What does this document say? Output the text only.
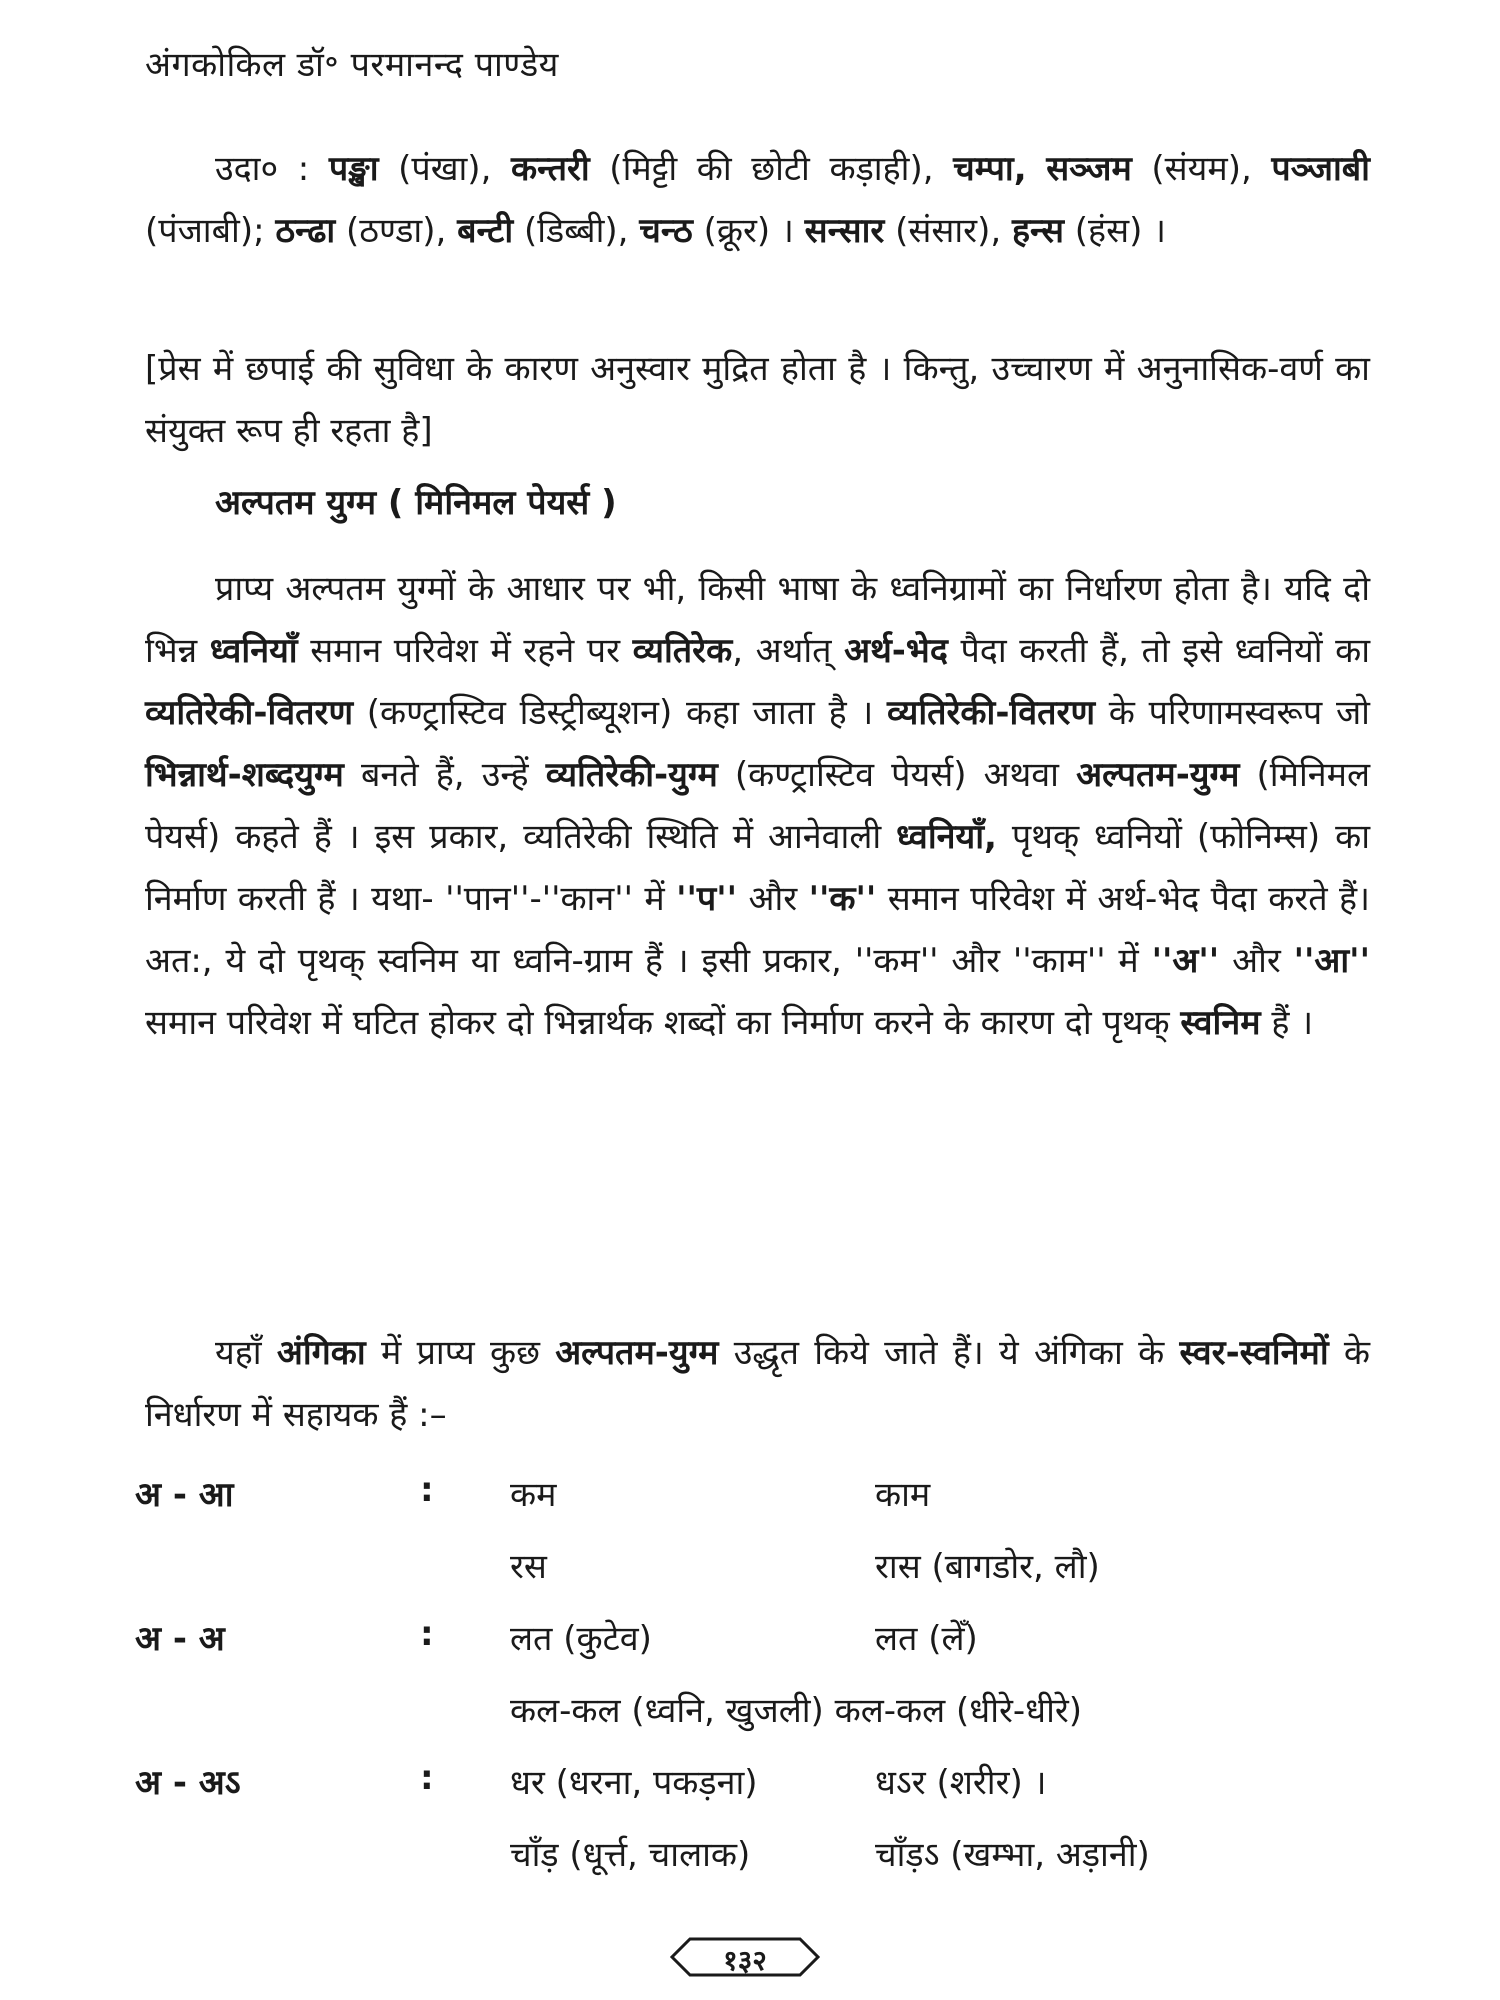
अंगकोकिल डॉ॰ परमानन्द पाण्डेय
उदा० : पङ्खा (पंखा), कन्तरी (मिट्टी की छोटी कड़ाही), चम्पा, सञ्जम (संयम), पञ्जाबी (पंजाबी); ठन्ढा (ठण्डा), बन्टी (डिब्बी), चन्ठ (क्रूर) । सन्सार (संसार), हन्स (हंस) ।
[प्रेस में छपाई की सुविधा के कारण अनुस्वार मुद्रित होता है । किन्तु, उच्चारण में अनुनासिक-वर्ण का संयुक्त रूप ही रहता है]
अल्पतम युग्म ( मिनिमल पेयर्स )
प्राप्य अल्पतम युग्मों के आधार पर भी, किसी भाषा के ध्वनिग्रामों का निर्धारण होता है। यदि दो भिन्न ध्वनियाँ समान परिवेश में रहने पर व्यतिरेक, अर्थात् अर्थ-भेद पैदा करती हैं, तो इसे ध्वनियों का व्यतिरेकी-वितरण (कण्ट्रास्टिव डिस्ट्रीब्यूशन) कहा जाता है । व्यतिरेकी-वितरण के परिणामस्वरूप जो भिन्नार्थ-शब्दयुग्म बनते हैं, उन्हें व्यतिरेकी-युग्म (कण्ट्रास्टिव पेयर्स) अथवा अल्पतम-युग्म (मिनिमल पेयर्स) कहते हैं । इस प्रकार, व्यतिरेकी स्थिति में आनेवाली ध्वनियाँ, पृथक् ध्वनियों (फोनिम्स) का निर्माण करती हैं । यथा- ''पान''-''कान'' में ''प'' और ''क'' समान परिवेश में अर्थ-भेद पैदा करते हैं। अत:, ये दो पृथक् स्वनिम या ध्वनि-ग्राम हैं । इसी प्रकार, ''कम'' और ''काम'' में ''अ'' और ''आ'' समान परिवेश में घटित होकर दो भिन्नार्थक शब्दों का निर्माण करने के कारण दो पृथक् स्वनिम हैं ।
यहाँ अंगिका में प्राप्य कुछ अल्पतम-युग्म उद्धृत किये जाते हैं। ये अंगिका के स्वर-स्वनिमों के निर्धारण में सहायक हैं :–
अ - आ	: कम	काम
रस	रास (बागडोर, लौ)
अ - अ	: लत (कुटेव)	लत (लेँ)
कल-कल (ध्वनि, खुजली) कल-कल (धीरे-धीरे)
अ - अऽ	: धर (धरना, पकड़ना)	धऽर (शरीर) ।
चाँड़ (धूर्त्त, चालाक)	चाँड़ऽ (खम्भा, अड़ानी)
१३२
